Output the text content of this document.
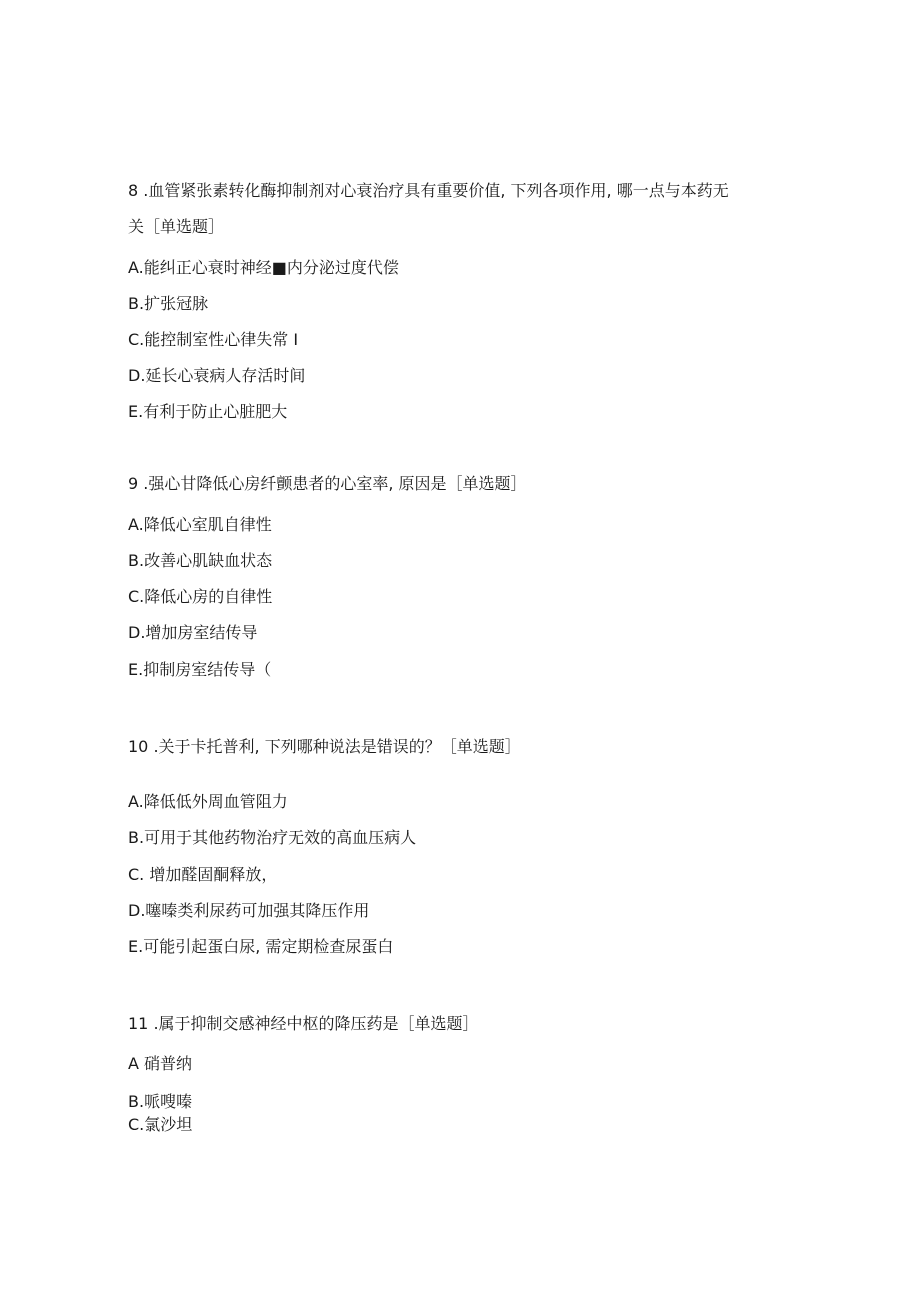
8 .血管紧张素转化酶抑制剂对心衰治疗具有重要价值, 下列各项作用, 哪一点与本药无
关［单选题］
A.能纠正心衰时神经■内分泌过度代偿
B.扩张冠脉
C.能控制室性心律失常 I
D.延长心衰病人存活时间
E.有利于防止心脏肥大
9 .强心甘降低心房纤颤患者的心室率, 原因是［单选题］
A.降低心室肌自律性
B.改善心肌缺血状态
C.降低心房的自律性
D.增加房室结传导
E.抑制房室结传导（
10 .关于卡托普利, 下列哪种说法是错误的？［单选题］
A.降低低外周血管阻力
B.可用于其他药物治疗无效的高血压病人
C. 增加醛固酮释放，
D.噻嗪类利尿药可加强其降压作用
E.可能引起蛋白尿, 需定期检查尿蛋白
11 .属于抑制交感神经中枢的降压药是［单选题］
A 硝普纳
B.哌嗖嗪
C.氯沙坦
